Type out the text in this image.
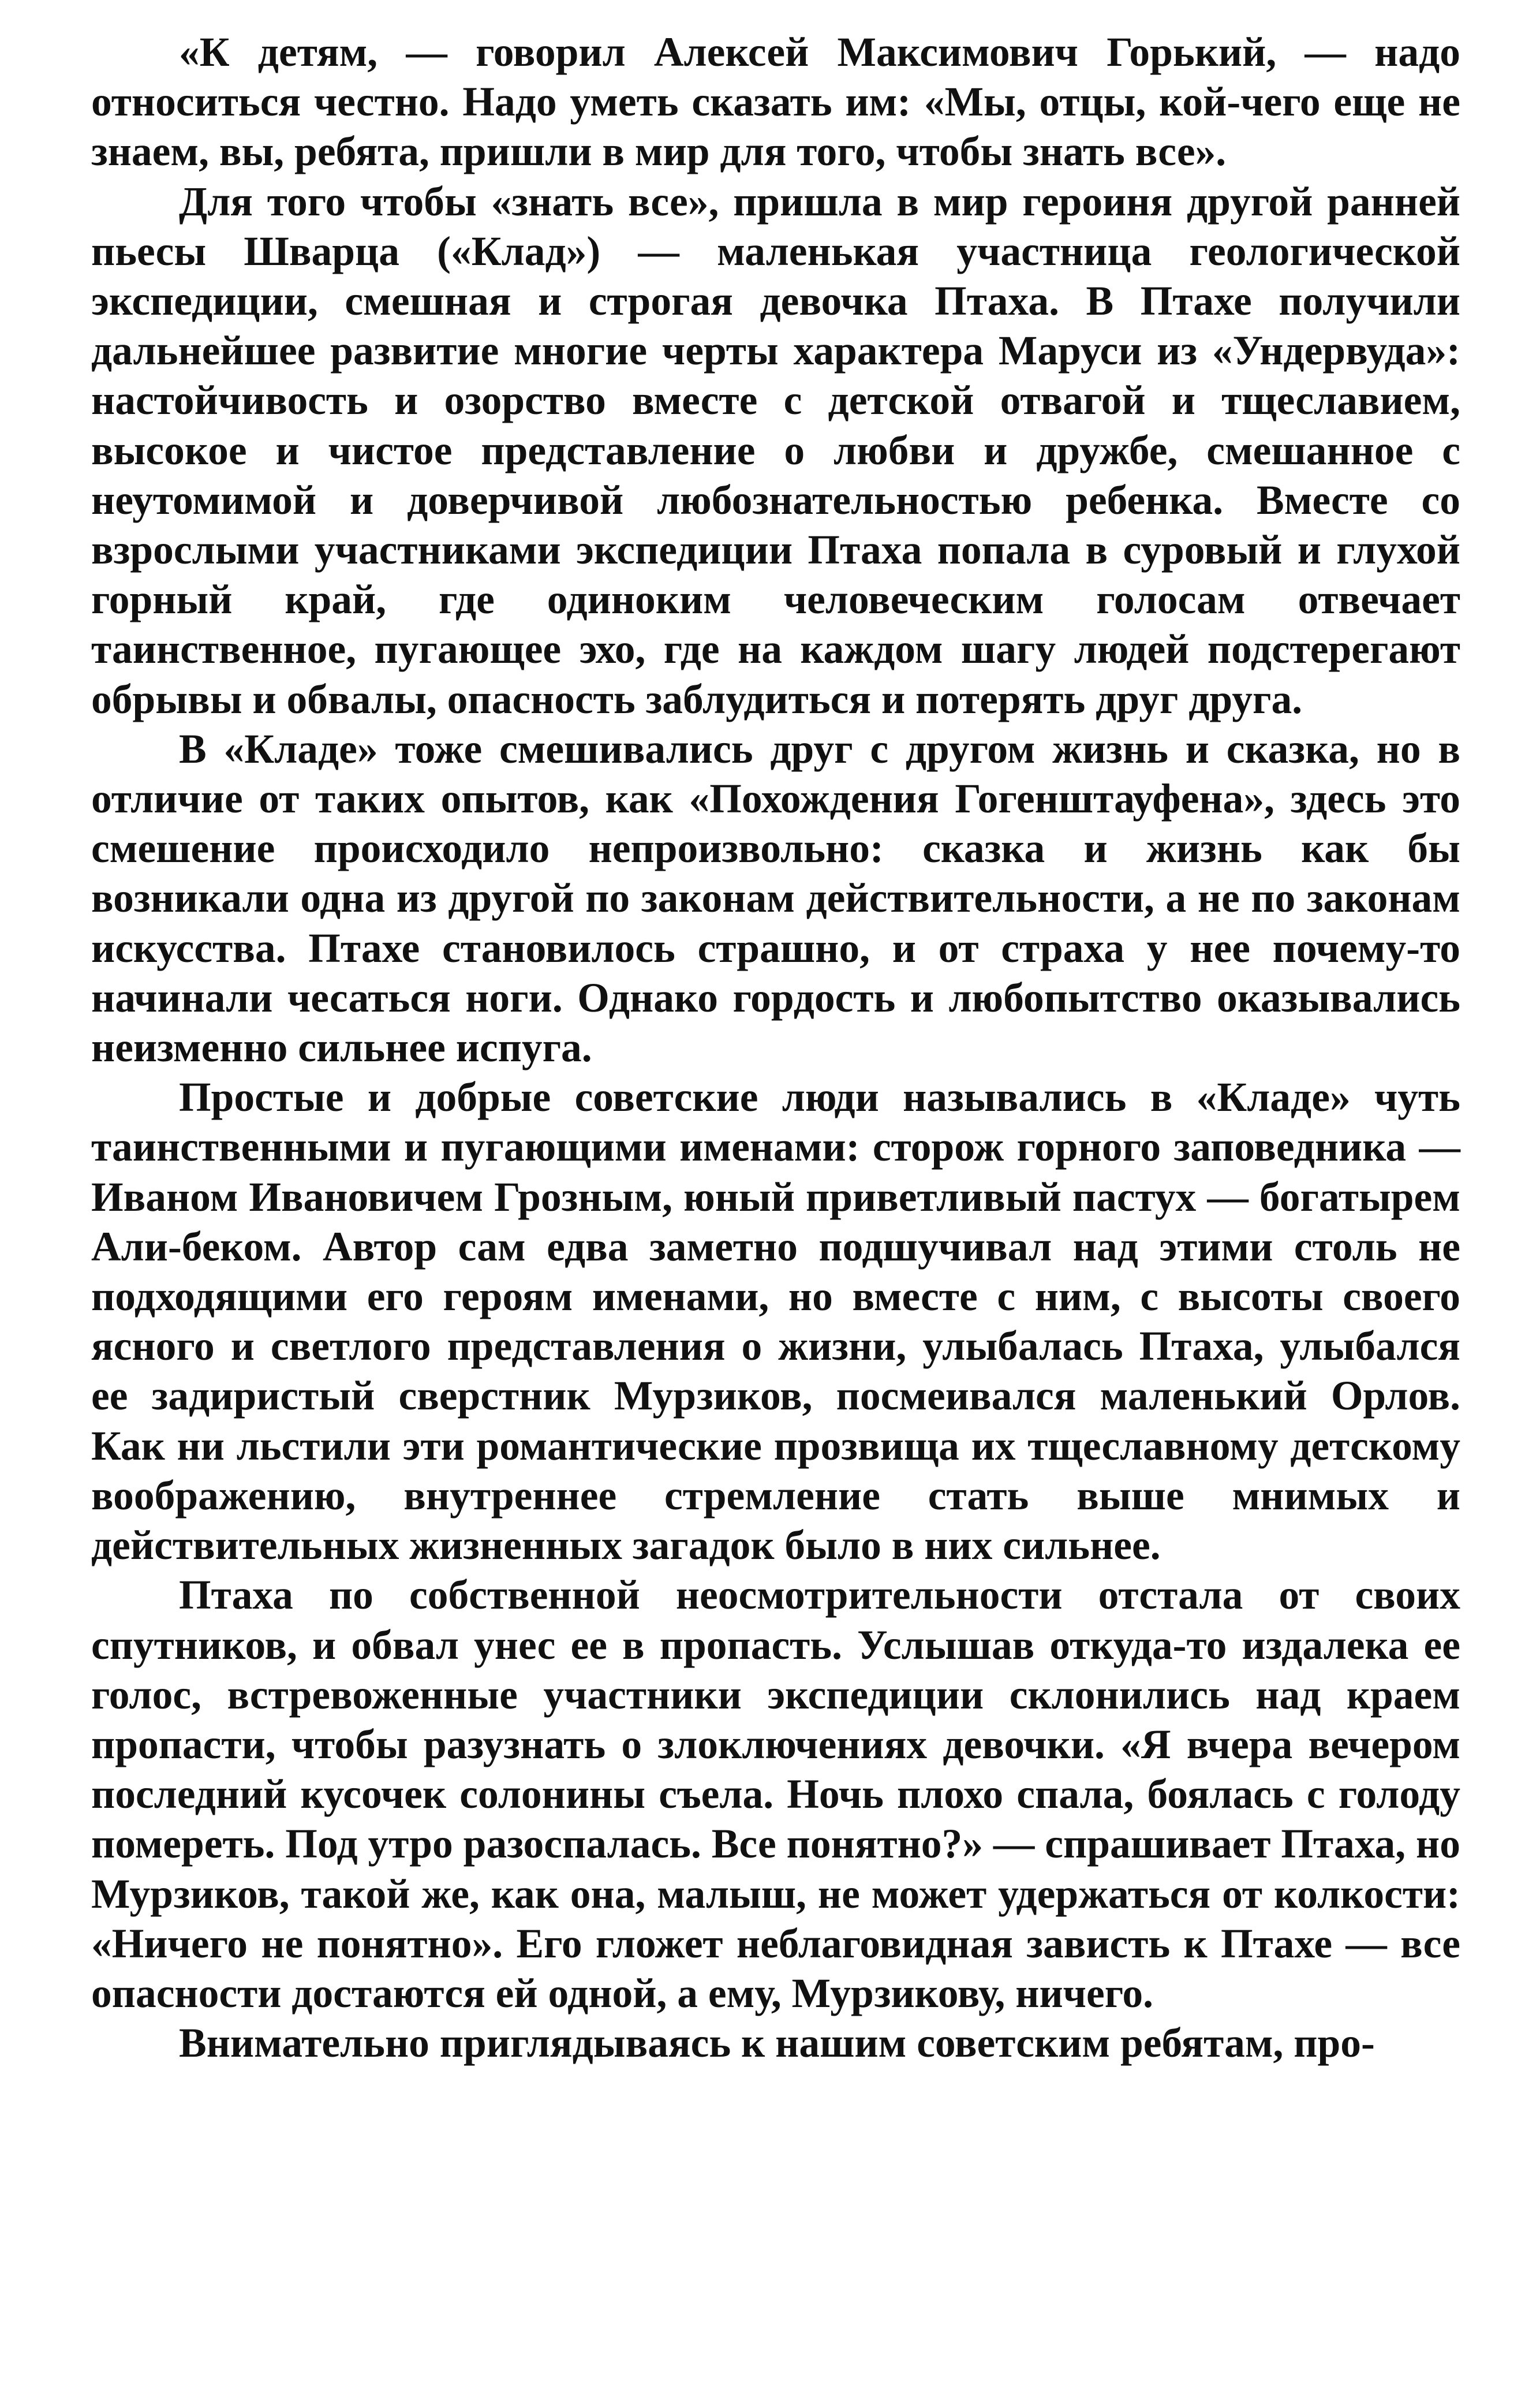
«К детям, — говорил Алексей Максимович Горький, — надо относиться честно. Надо уметь сказать им: «Мы, отцы, кой-чего еще не знаем, вы, ребята, пришли в мир для того, чтобы знать все».

Для того чтобы «знать все», пришла в мир героиня другой ранней пьесы Шварца («Клад») — маленькая участница геологической экспедиции, смешная и строгая девочка Птаха. В Птахе получили дальнейшее развитие многие черты характера Маруси из «Ундервуда»: настойчивость и озорство вместе с детской отвагой и тщеславием, высокое и чистое представление о любви и дружбе, смешанное с неутомимой и доверчивой любознательностью ребенка. Вместе со взрослыми участниками экспедиции Птаха попала в суровый и глухой горный край, где одиноким человеческим голосам отвечает таинственное, пугающее эхо, где на каждом шагу людей подстерегают обрывы и обвалы, опасность заблудиться и потерять друг друга.

В «Кладе» тоже смешивались друг с другом жизнь и сказка, но в отличие от таких опытов, как «Похождения Гогенштауфена», здесь это смешение происходило непроизвольно: сказка и жизнь как бы возникали одна из другой по законам действительности, а не по законам искусства. Птахе становилось страшно, и от страха у нее почему-то начинали чесаться ноги. Однако гордость и любопытство оказывались неизменно сильнее испуга.

Простые и добрые советские люди назывались в «Кладе» чуть таинственными и пугающими именами: сторож горного заповедника — Иваном Ивановичем Грозным, юный приветливый пастух — богатырем Али-беком. Автор сам едва заметно подшучивал над этими столь не подходящими его героям именами, но вместе с ним, с высоты своего ясного и светлого представления о жизни, улыбалась Птаха, улыбался ее задиристый сверстник Мурзиков, посмеивался маленький Орлов. Как ни льстили эти романтические прозвища их тщеславному детскому воображению, внутреннее стремление стать выше мнимых и действительных жизненных загадок было в них сильнее.

Птаха по собственной неосмотрительности отстала от своих спутников, и обвал унес ее в пропасть. Услышав откуда-то издалека ее голос, встревоженные участники экспедиции склонились над краем пропасти, чтобы разузнать о злоключениях девочки. «Я вчера вечером последний кусочек солонины съела. Ночь плохо спала, боялась с голоду помереть. Под утро разоспалась. Все понятно?» — спрашивает Птаха, но Мурзиков, такой же, как она, малыш, не может удержаться от колкости: «Ничего не понятно». Его гложет неблаговидная зависть к Птахе — все опасности достаются ей одной, а ему, Мурзикову, ничего.

Внимательно приглядываясь к нашим советским ребятам, про-
